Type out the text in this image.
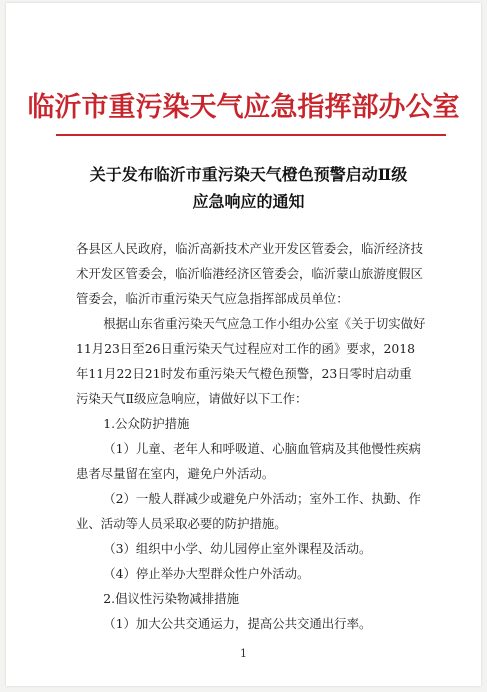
临沂市重污染天气应急指挥部办公室
关于发布临沂市重污染天气橙色预警启动Ⅱ级
应急响应的通知

各县区人民政府，临沂高新技术产业开发区管委会，临沂经济技

术开发区管委会，临沂临港经济区管委会，临沂蒙山旅游度假区

管委会，临沂市重污染天气应急指挥部成员单位：

根据山东省重污染天气应急工作小组办公室《关于切实做好

11月23日至26日重污染天气过程应对工作的函》要求，2018

年11月22日21时发布重污染天气橙色预警，23日零时启动重

污染天气Ⅱ级应急响应，请做好以下工作：

1.公众防护措施

（1）儿童、老年人和呼吸道、心脑血管病及其他慢性疾病

患者尽量留在室内，避免户外活动。

（2）一般人群减少或避免户外活动；室外工作、执勤、作

业、活动等人员采取必要的防护措施。

（3）组织中小学、幼儿园停止室外课程及活动。

（4）停止举办大型群众性户外活动。

2.倡议性污染物减排措施

（1）加大公共交通运力，提高公共交通出行率。

1
